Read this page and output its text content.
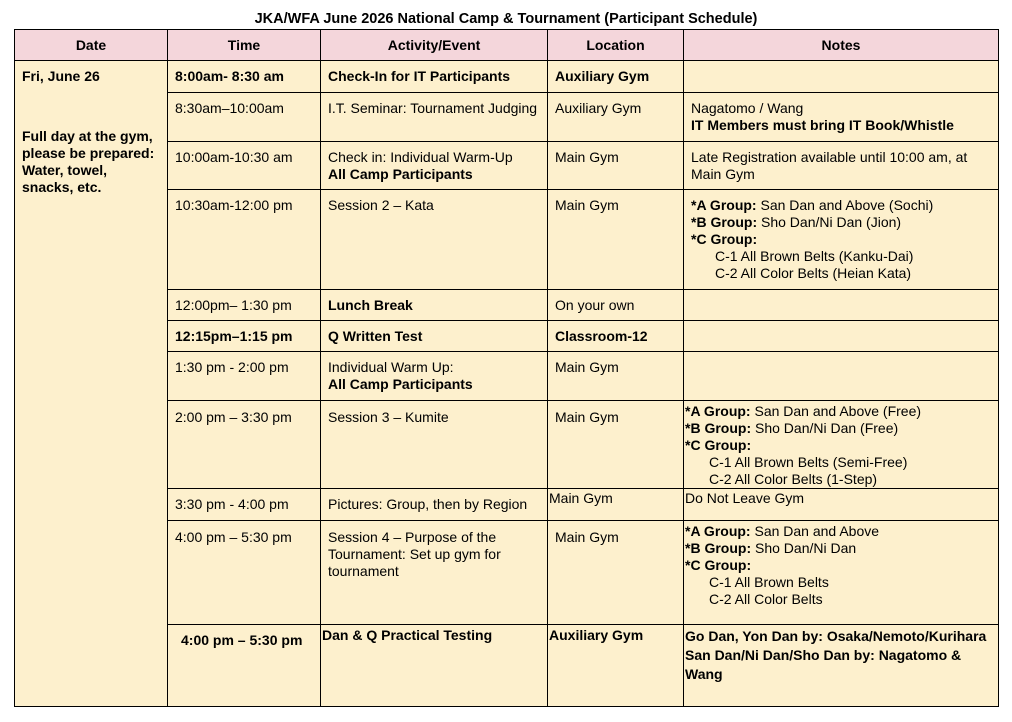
JKA/WFA June 2026 National Camp & Tournament (Participant Schedule)
Date	Time	Activity/Event	Location	Notes

Fri, June 26
Full day at the gym,
please be prepared:
Water, towel,
snacks, etc.	8:00am- 8:30 am	Check-In for IT Participants	Auxiliary Gym	

	8:30am–10:00am	I.T. Seminar: Tournament Judging	Auxiliary Gym	Nagatomo / Wang
IT Members must bring IT Book/Whistle

	10:00am-10:30 am	Check in: Individual Warm-Up
All Camp Participants	Main Gym	Late Registration available until 10:00 am, at Main Gym

	10:30am-12:00 pm	Session 2 – Kata	Main Gym	*A Group: San Dan and Above (Sochi)
*B Group: Sho Dan/Ni Dan (Jion)
*C Group:
C-1 All Brown Belts (Kanku-Dai)
C-2 All Color Belts (Heian Kata)

	12:00pm– 1:30 pm	Lunch Break	On your own	

	12:15pm–1:15 pm	Q Written Test	Classroom-12	

	1:30 pm - 2:00 pm	Individual Warm Up:
All Camp Participants	Main Gym	

	2:00 pm – 3:30 pm	Session 3 – Kumite	Main Gym	*A Group: San Dan and Above (Free)
*B Group: Sho Dan/Ni Dan (Free)
*C Group:
C-1 All Brown Belts (Semi-Free)
C-2 All Color Belts (1-Step)

	3:30 pm - 4:00 pm	Pictures: Group, then by Region	Main Gym	Do Not Leave Gym

	4:00 pm – 5:30 pm	Session 4 – Purpose of the Tournament: Set up gym for tournament	Main Gym	*A Group: San Dan and Above
*B Group: Sho Dan/Ni Dan
*C Group:
C-1 All Brown Belts
C-2 All Color Belts

	4:00 pm – 5:30 pm	Dan & Q Practical Testing	Auxiliary Gym	Go Dan, Yon Dan by: Osaka/Nemoto/Kurihara San Dan/Ni Dan/Sho Dan by: Nagatomo & Wang
